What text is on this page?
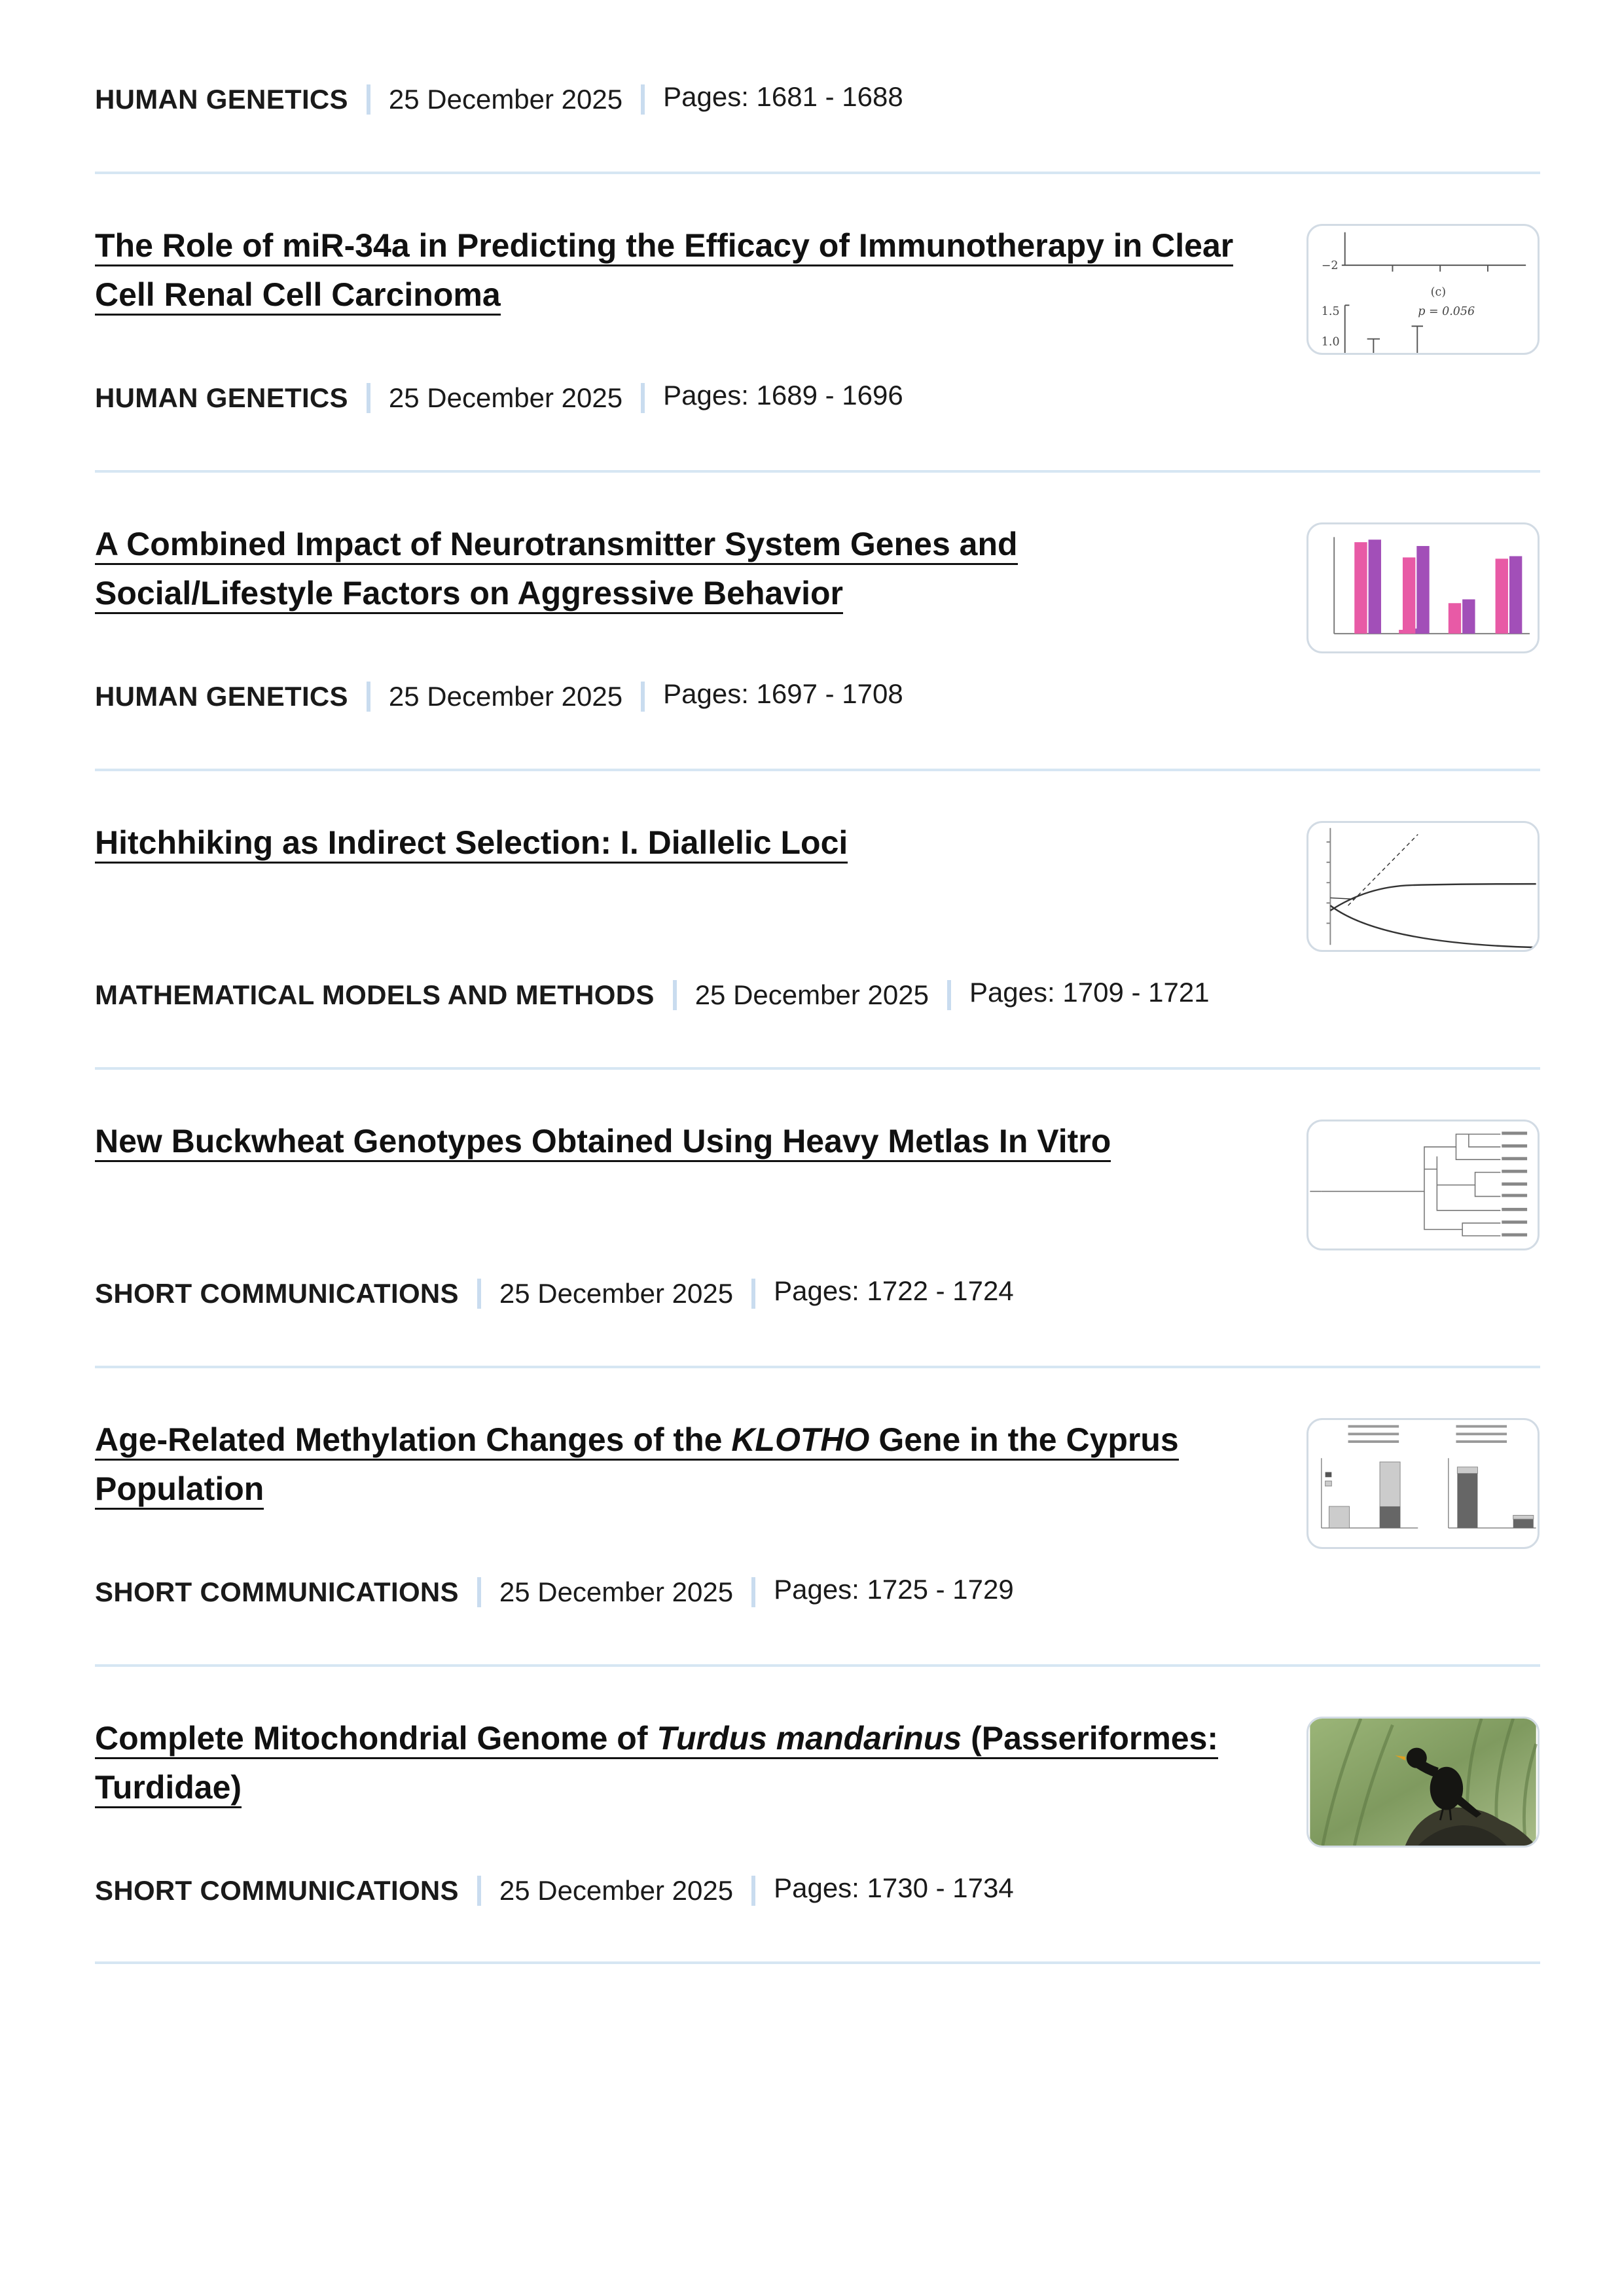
HUMAN GENETICS 25 December 2025 Pages: 1681 - 1688
The Role of miR-34a in Predicting the Efficacy of Immunotherapy in Clear
Cell Renal Cell Carcinoma
−2
1.5
1.0
(c)
p = 0.056
HUMAN GENETICS 25 December 2025 Pages: 1689 - 1696
A Combined Impact of Neurotransmitter System Genes and
Social/Lifestyle Factors on Aggressive Behavior
HUMAN GENETICS 25 December 2025 Pages: 1697 - 1708
Hitchhiking as Indirect Selection: I. Diallelic Loci
MATHEMATICAL MODELS AND METHODS 25 December 2025 Pages: 1709 - 1721
New Buckwheat Genotypes Obtained Using Heavy Metlas In Vitro
SHORT COMMUNICATIONS 25 December 2025 Pages: 1722 - 1724
Age-Related Methylation Changes of the KLOTHO Gene in the Cyprus
Population
SHORT COMMUNICATIONS 25 December 2025 Pages: 1725 - 1729
Complete Mitochondrial Genome of Turdus mandarinus (Passeriformes:
Turdidae)
SHORT COMMUNICATIONS 25 December 2025 Pages: 1730 - 1734
